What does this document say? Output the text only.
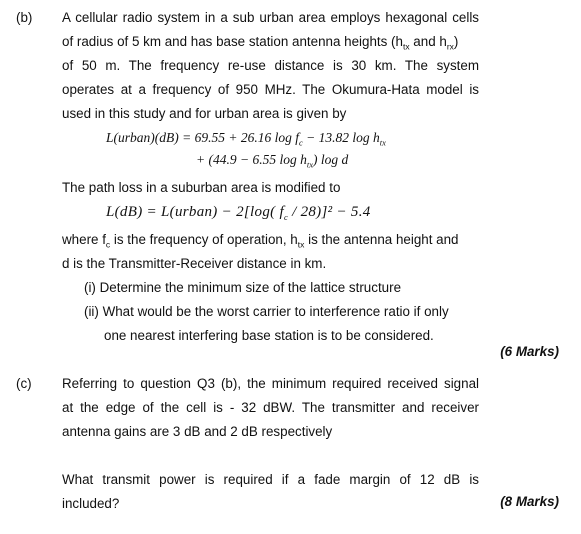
(b) A cellular radio system in a sub urban area employs hexagonal cells
of radius of 5 km and has base station antenna heights ($h_{tx}$ and $h_{rx}$)
of 50 m. The frequency re-use distance is 30 km. The system
operates at a frequency of 950 MHz. The Okumura-Hata model is
used in this study and for urban area is given by
L(urban)(dB) = 69.55 + 26.16 $\log f_c - 13.82$ $\log h_{tx}$
+ (44.9 − 6.55 $\log h_{tx}$) log d
The path loss in a suburban area is modified to
L(dB) = L(urban) − 2[log( $f_c / 28)]^2 - 5.4$
where $f_c$ is the frequency of operation, $h_{tx}$ is the antenna height and
d is the Transmitter-Receiver distance in km.
(i) Determine the minimum size of the lattice structure
(ii) What would be the worst carrier to interference ratio if only
one nearest interfering base station is to be considered.
(6 Marks)
(c) Referring to question Q3 (b), the minimum required received signal
at the edge of the cell is - 32 dBW. The transmitter and receiver
antenna gains are 3 dB and 2 dB respectively
What transmit power is required if a fade margin of 12 dB is
included?	(8 Marks)
